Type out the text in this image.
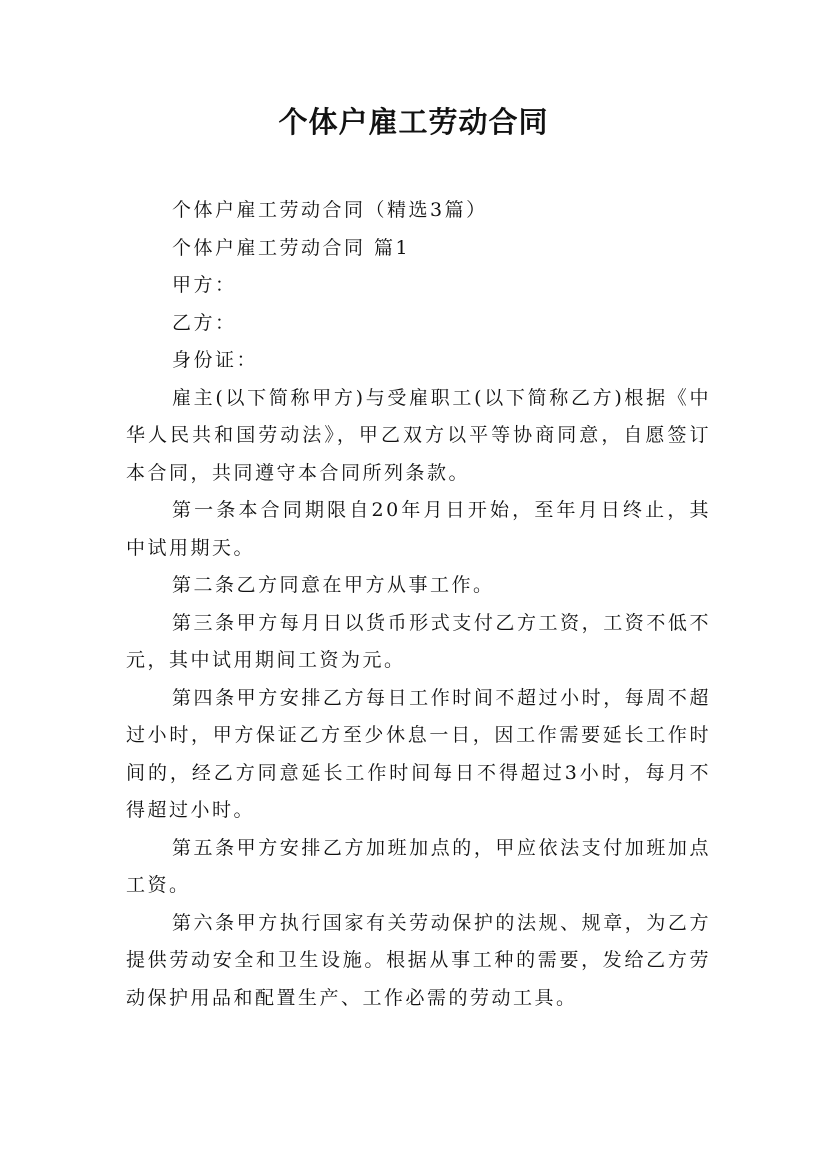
个体户雇工劳动合同

个体户雇工劳动合同（精选3篇）

个体户雇工劳动合同 篇1

甲方：

乙方：

身份证：

雇主(以下简称甲方)与受雇职工(以下简称乙方)根据《中华人民共和国劳动法》，甲乙双方以平等协商同意，自愿签订本合同，共同遵守本合同所列条款。

第一条本合同期限自20年月日开始，至年月日终止，其中试用期天。

第二条乙方同意在甲方从事工作。

第三条甲方每月日以货币形式支付乙方工资，工资不低不元，其中试用期间工资为元。

第四条甲方安排乙方每日工作时间不超过小时，每周不超过小时，甲方保证乙方至少休息一日，因工作需要延长工作时间的，经乙方同意延长工作时间每日不得超过3小时，每月不得超过小时。

第五条甲方安排乙方加班加点的，甲应依法支付加班加点工资。

第六条甲方执行国家有关劳动保护的法规、规章，为乙方提供劳动安全和卫生设施。根据从事工种的需要，发给乙方劳动保护用品和配置生产、工作必需的劳动工具。
